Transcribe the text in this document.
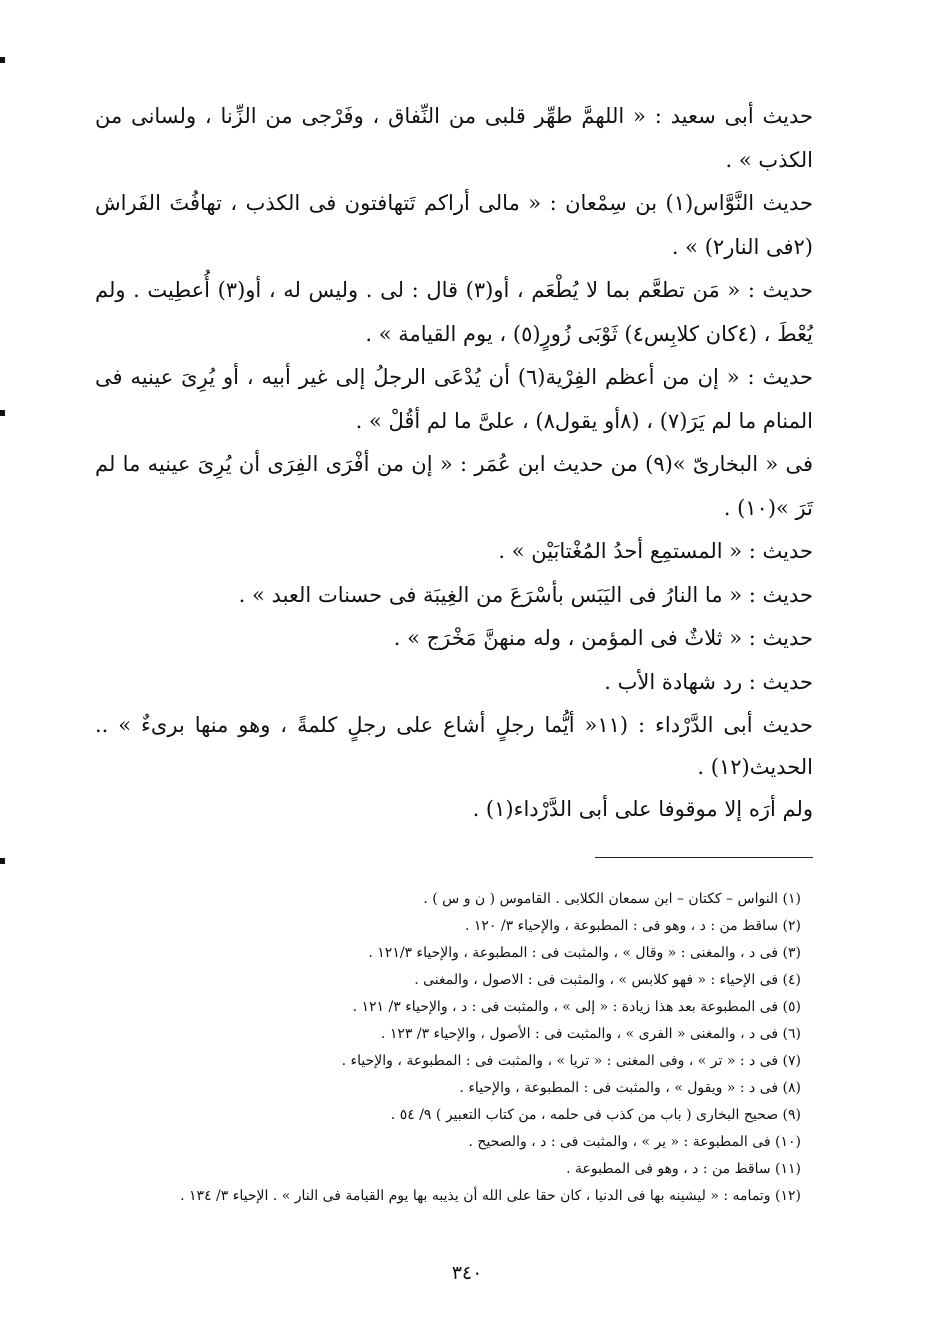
حديث أبى سعيد : « اللهمَّ طهِّر قلبى من النِّفاق ، وفَرْجى من الزِّنا ، ولسانى من الكذب » .

حديث النَّوَّاس(١) بن سِمْعان : « مالى أراكم تَتهافتون فى الكذب ، تهافُتَ الفَراش (٢فى النار٢) » .

حديث : « مَن تطعَّم بما لا يُطْعَم ، أو(٣) قال : لى . وليس له ، أو(٣) أُعطِيت . ولم يُعْطَ ، (٤كان كلابِس٤) ثَوْبَى زُورٍ(٥) ، يوم القيامة » .

حديث : « إن من أعظم الفِرْية(٦) أن يُدْعَى الرجلُ إلى غير أبيه ، أو يُرِىَ عينيه فى المنام ما لم يَرَ(٧) ، (٨أو يقول٨) ، علىَّ ما لم أقُلْ » .

فى « البخارىّ »(٩) من حديث ابن عُمَر : « إن من أفْرَى الفِرَى أن يُرِىَ عينيه ما لم تَرَ »(١٠) .

حديث : « المستمِع أحدُ المُغْتابَيْن » .

حديث : « ما النارُ فى اليَبَس بأسْرَعَ من الغِيبَة فى حسنات العبد » .

حديث : « ثلاثٌ فى المؤمن ، وله منهنَّ مَخْرَج » .

حديث : رد شهادة الأب .

حديث أبى الدَّرْداء : (١١« أيُّما رجلٍ أشاع على رجلٍ كلمةً ، وهو منها برىءٌ » .. الحديث(١٢) .

ولم أرَه إلا موقوفا على أبى الدَّرْداء(١) .

(١) النواس – ككتان – ابن سمعان الكلابى . القاموس ( ن و س ) .
(٢) ساقط من : د ، وهو فى : المطبوعة ، والإحياء ٣/ ١٢٠ .
(٣) فى د ، والمغنى : « وقال » ، والمثبت فى : المطبوعة ، والإحياء ١٢١/٣ .
(٤) فى الإحياء : « فهو كلابس » ، والمثبت فى : الاصول ، والمغنى .
(٥) فى المطبوعة بعد هذا زيادة : « إلى » ، والمثبت فى : د ، والإحياء ٣/ ١٢١ .
(٦) فى د ، والمغنى « الفرى » ، والمثبت فى : الأصول ، والإحياء ٣/ ١٢٣ .
(٧) فى د : « تر » ، وفى المغنى : « تريا » ، والمثبت فى : المطبوعة ، والإحياء .
(٨) فى د : « ويقول » ، والمثبت فى : المطبوعة ، والإحياء .
(٩) صحيح البخارى ( باب من كذب فى حلمه ، من كتاب التعبير ) ٩/ ٥٤ .
(١٠) فى المطبوعة : « ير » ، والمثبت فى : د ، والصحيح .
(١١) ساقط من : د ، وهو فى المطبوعة .
(١٢) وتمامه : « ليشينه بها فى الدنيا ، كان حقا على الله أن يذيبه بها يوم القيامة فى النار » . الإحياء ٣/ ١٣٤ .
٣٤٠
